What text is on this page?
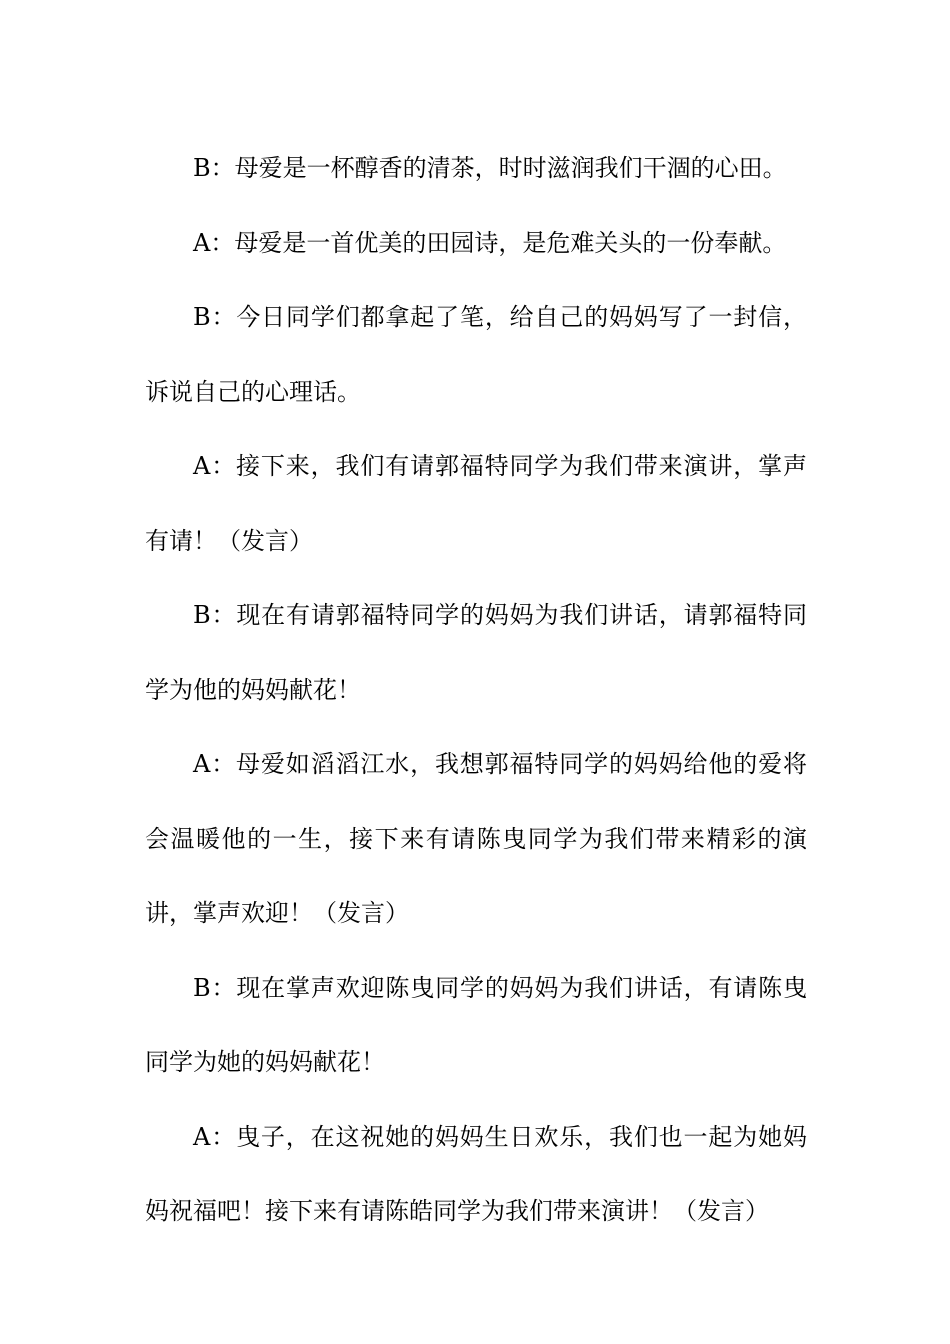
B：母爱是一杯醇香的清茶，时时滋润我们干涸的心田。

A：母爱是一首优美的田园诗，是危难关头的一份奉献。

B：今日同学们都拿起了笔，给自己的妈妈写了一封信，诉说自己的心理话。

A：接下来，我们有请郭福特同学为我们带来演讲，掌声有请！（发言）

B：现在有请郭福特同学的妈妈为我们讲话，请郭福特同学为他的妈妈献花！

A：母爱如滔滔江水，我想郭福特同学的妈妈给他的爱将会温暖他的一生，接下来有请陈曳同学为我们带来精彩的演讲，掌声欢迎！（发言）

B：现在掌声欢迎陈曳同学的妈妈为我们讲话，有请陈曳同学为她的妈妈献花！

A：曳子，在这祝她的妈妈生日欢乐，我们也一起为她妈妈祝福吧！接下来有请陈皓同学为我们带来演讲！（发言）
